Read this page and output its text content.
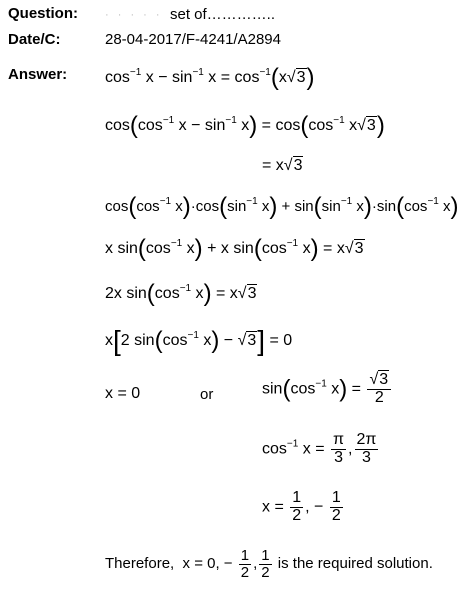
Question: · · · · · set of…………..
Date/C:	28-04-2017/F-4241/A2894
Answer: $\cos^{-1} x - \sin^{-1} x = \cos^{-1}(x√3)$
$\cos(\cos^{-1}$ $x - \sin^{-1} x) = \cos(\cos^{-1}$ x√3)
= x√3
$\cos(\cos^{-1}$ $x)\cdot\cos(\sin^{-1}$ $x) + \sin(\sin^{-1}$ $x)\cdot\sin(\cos^{-1}$ x)
x $\sin(\cos^{-1}$ x) + x $\sin(\cos^{-1}$ x) = x√3
2x $\sin(\cos^{-1}$ x) = x√3
x[2 $\sin(\cos^{-1}$ x) − √3] = 0
x = 0	or	$\sin(\cos^{-1}$ $x) = \frac{√3}{2}$
$\cos^{-1} x = \frac{\pi}{3}$ , $\frac{2\pi}{3}$
$x = \frac{1}{2}$ , − $\frac{1}{2}$
Therefore,  x = 0, − $\frac{1}{2}$ , $\frac{1}{2}$ is the required solution.
